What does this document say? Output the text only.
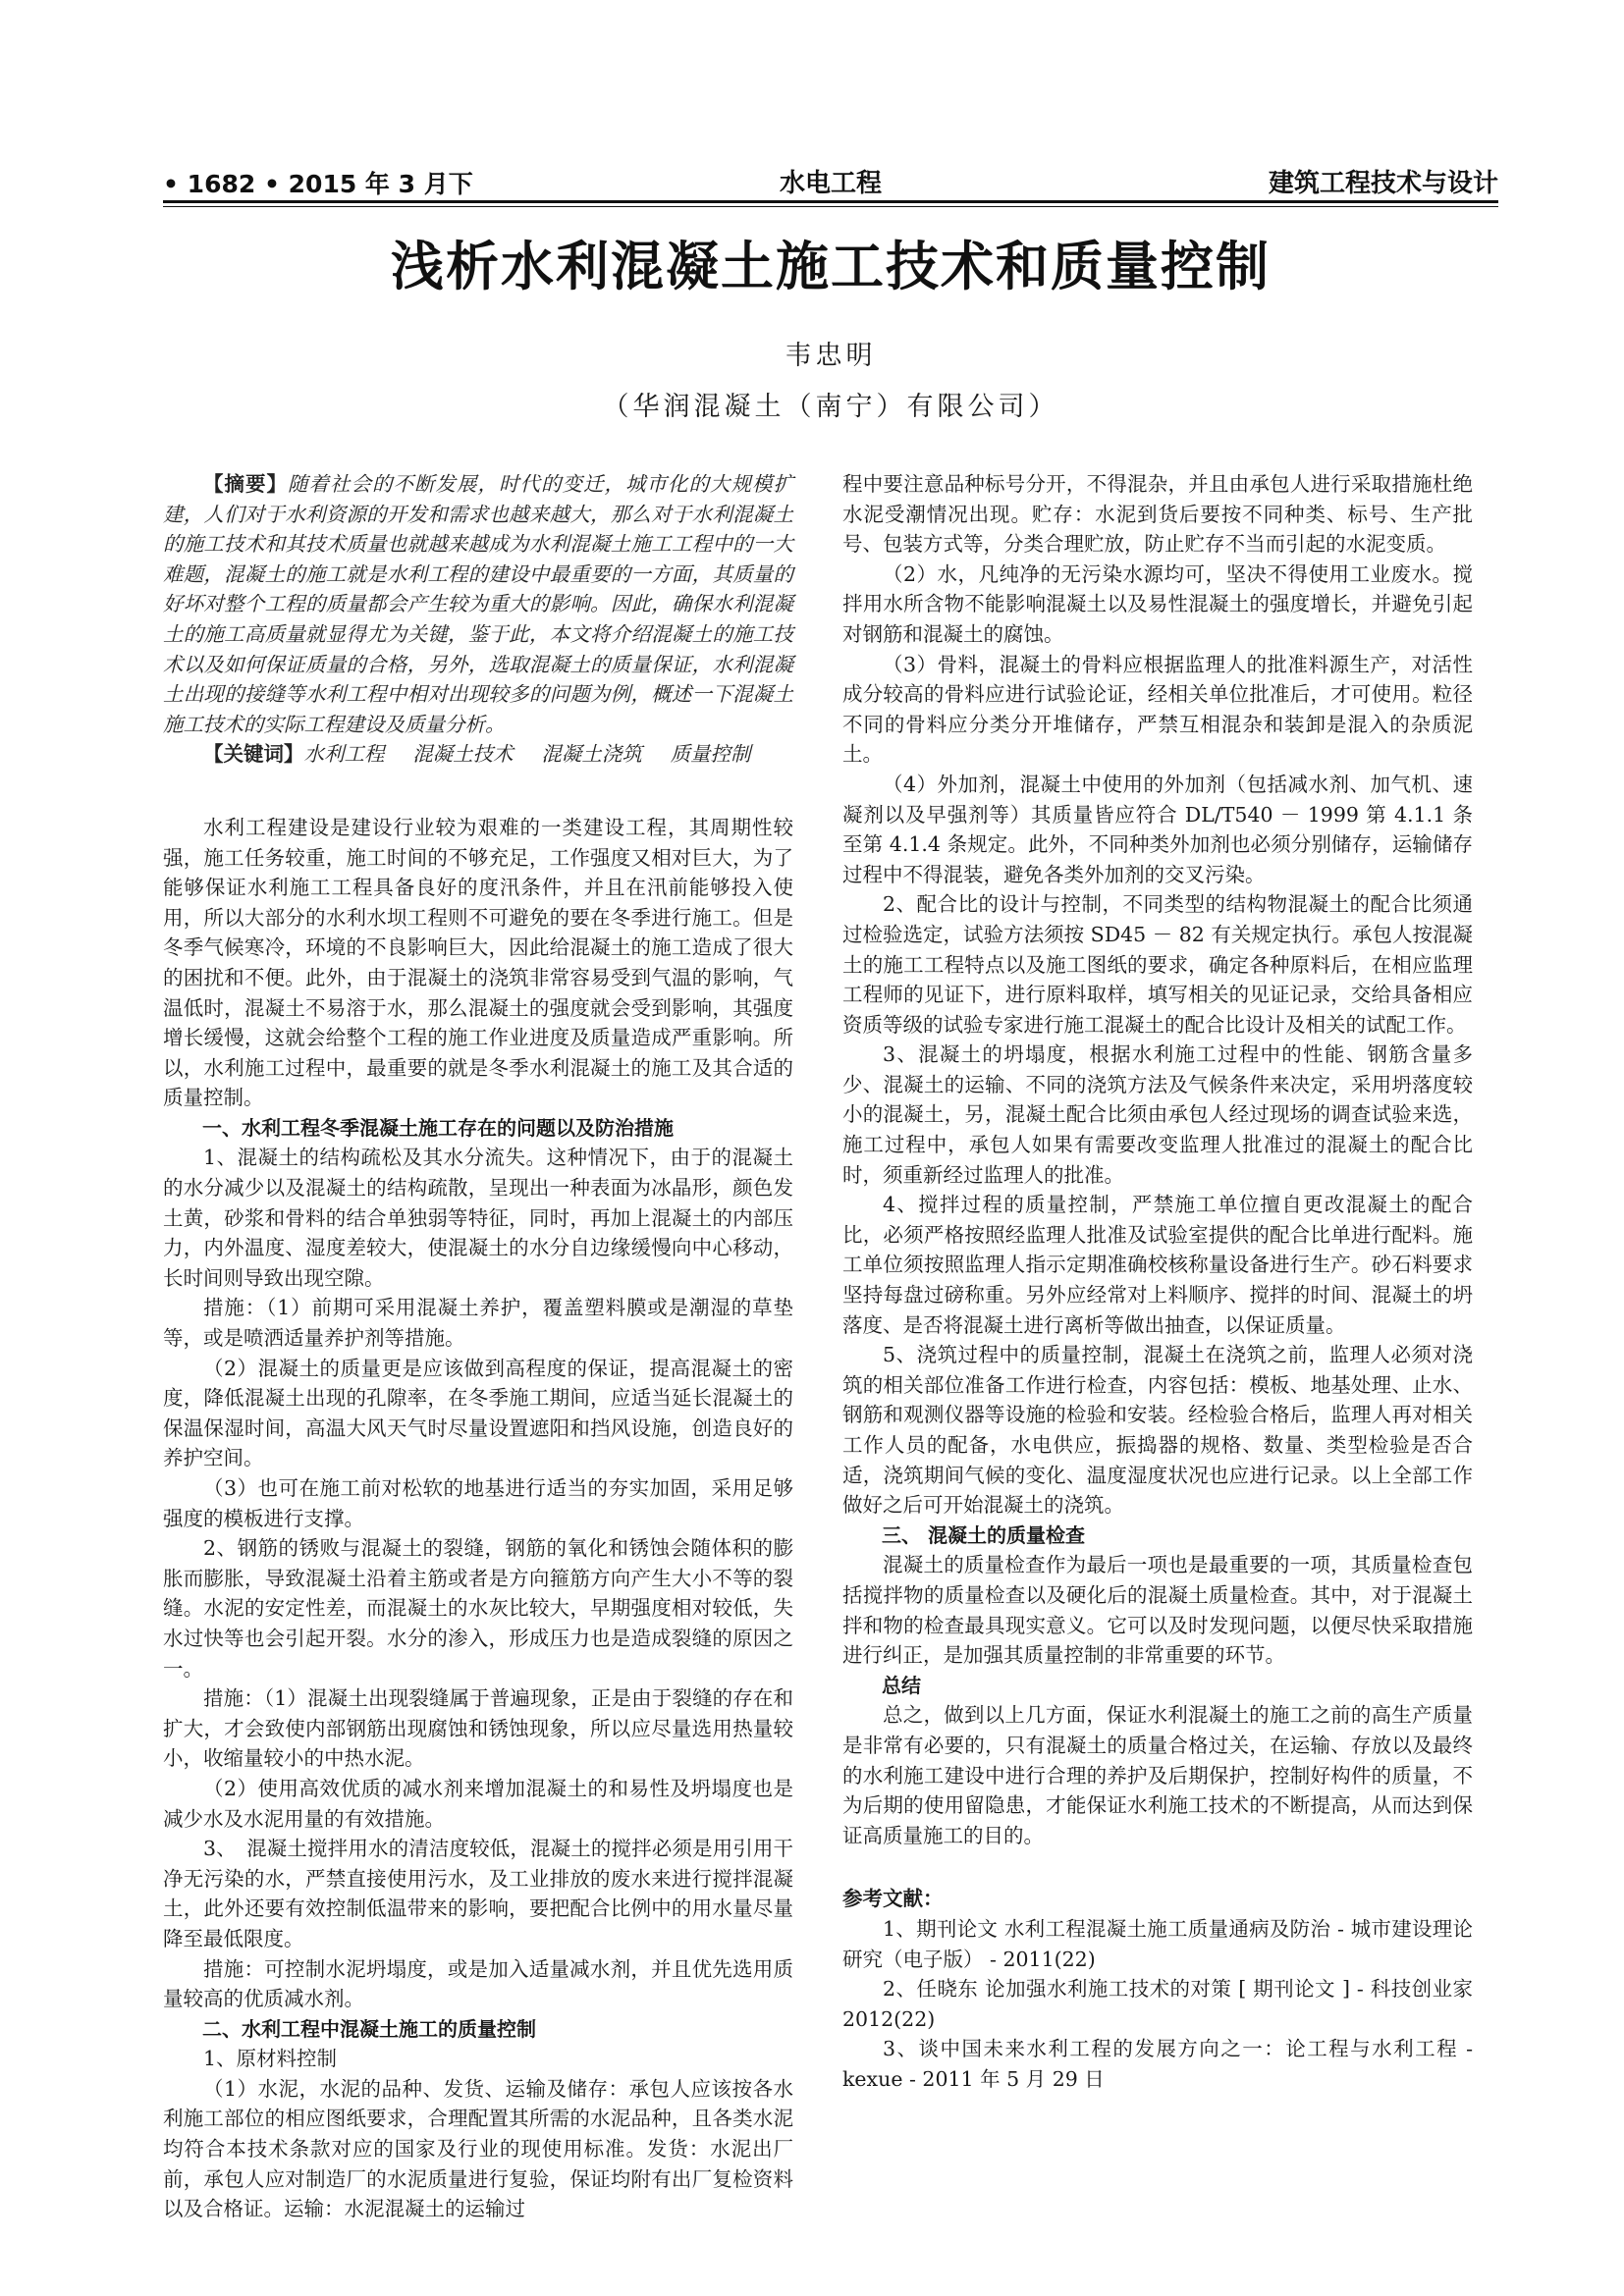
• 1682 • 2015 年 3 月下	水电工程	建筑工程技术与设计
浅析水利混凝土施工技术和质量控制
韦忠明
（华润混凝土（南宁）有限公司）

【摘要】随着社会的不断发展，时代的变迁，城市化的大规模扩建，人们对于水利资源的开发和需求也越来越大，那么对于水利混凝土的施工技术和其技术质量也就越来越成为水利混凝土施工工程中的一大难题，混凝土的施工就是水利工程的建设中最重要的一方面，其质量的好坏对整个工程的质量都会产生较为重大的影响。因此，确保水利混凝土的施工高质量就显得尤为关键，鉴于此，本文将介绍混凝土的施工技术以及如何保证质量的合格，另外，选取混凝土的质量保证，水利混凝土出现的接缝等水利工程中相对出现较多的问题为例，概述一下混凝土施工技术的实际工程建设及质量分析。

【关键词】水利工程 混凝土技术 混凝土浇筑 质量控制

水利工程建设是建设行业较为艰难的一类建设工程，其周期性较强，施工任务较重，施工时间的不够充足，工作强度又相对巨大，为了能够保证水利施工工程具备良好的度汛条件，并且在汛前能够投入使用，所以大部分的水利水坝工程则不可避免的要在冬季进行施工。但是冬季气候寒冷，环境的不良影响巨大，因此给混凝土的施工造成了很大的困扰和不便。此外，由于混凝土的浇筑非常容易受到气温的影响，气温低时，混凝土不易溶于水，那么混凝土的强度就会受到影响，其强度增长缓慢，这就会给整个工程的施工作业进度及质量造成严重影响。所以，水利施工过程中，最重要的就是冬季水利混凝土的施工及其合适的质量控制。

一、水利工程冬季混凝土施工存在的问题以及防治措施

1、混凝土的结构疏松及其水分流失。这种情况下，由于的混凝土的水分减少以及混凝土的结构疏散，呈现出一种表面为冰晶形，颜色发土黄，砂浆和骨料的结合单独弱等特征，同时，再加上混凝土的内部压力，内外温度、湿度差较大，使混凝土的水分自边缘缓慢向中心移动，长时间则导致出现空隙。

措施：（1）前期可采用混凝土养护，覆盖塑料膜或是潮湿的草垫等，或是喷洒适量养护剂等措施。

（2）混凝土的质量更是应该做到高程度的保证，提高混凝土的密度，降低混凝土出现的孔隙率，在冬季施工期间，应适当延长混凝土的保温保湿时间，高温大风天气时尽量设置遮阳和挡风设施，创造良好的养护空间。

（3）也可在施工前对松软的地基进行适当的夯实加固，采用足够强度的模板进行支撑。

2、钢筋的锈败与混凝土的裂缝，钢筋的氧化和锈蚀会随体积的膨胀而膨胀，导致混凝土沿着主筋或者是方向箍筋方向产生大小不等的裂缝。水泥的安定性差，而混凝土的水灰比较大，早期强度相对较低，失水过快等也会引起开裂。水分的渗入，形成压力也是造成裂缝的原因之一。

措施：（1）混凝土出现裂缝属于普遍现象，正是由于裂缝的存在和扩大，才会致使内部钢筋出现腐蚀和锈蚀现象，所以应尽量选用热量较小，收缩量较小的中热水泥。

（2）使用高效优质的减水剂来增加混凝土的和易性及坍塌度也是减少水及水泥用量的有效措施。

3、　混凝土搅拌用水的清洁度较低，混凝土的搅拌必须是用引用干净无污染的水，严禁直接使用污水，及工业排放的废水来进行搅拌混凝土，此外还要有效控制低温带来的影响，要把配合比例中的用水量尽量降至最低限度。

措施：可控制水泥坍塌度，或是加入适量减水剂，并且优先选用质量较高的优质减水剂。

二、水利工程中混凝土施工的质量控制

1、原材料控制

（1）水泥，水泥的品种、发货、运输及储存：承包人应该按各水利施工部位的相应图纸要求，合理配置其所需的水泥品种，且各类水泥均符合本技术条款对应的国家及行业的现使用标准。发货：水泥出厂前，承包人应对制造厂的水泥质量进行复验，保证均附有出厂复检资料以及合格证。运输：水泥混凝土的运输过

程中要注意品种标号分开，不得混杂，并且由承包人进行采取措施杜绝水泥受潮情况出现。贮存：水泥到货后要按不同种类、标号、生产批号、包装方式等，分类合理贮放，防止贮存不当而引起的水泥变质。

（2）水，凡纯净的无污染水源均可，坚决不得使用工业废水。搅拌用水所含物不能影响混凝土以及易性混凝土的强度增长，并避免引起对钢筋和混凝土的腐蚀。

（3）骨料，混凝土的骨料应根据监理人的批准料源生产，对活性成分较高的骨料应进行试验论证，经相关单位批准后，才可使用。粒径不同的骨料应分类分开堆储存，严禁互相混杂和装卸是混入的杂质泥土。

（4）外加剂，混凝土中使用的外加剂（包括减水剂、加气机、速凝剂以及早强剂等）其质量皆应符合 DL/T540 － 1999 第 4.1.1 条至第 4.1.4 条规定。此外，不同种类外加剂也必须分别储存，运输储存过程中不得混装，避免各类外加剂的交叉污染。

2、配合比的设计与控制，不同类型的结构物混凝土的配合比须通过检验选定，试验方法须按 SD45 － 82 有关规定执行。承包人按混凝土的施工工程特点以及施工图纸的要求，确定各种原料后，在相应监理工程师的见证下，进行原料取样，填写相关的见证记录，交给具备相应资质等级的试验专家进行施工混凝土的配合比设计及相关的试配工作。

3、混凝土的坍塌度，根据水利施工过程中的性能、钢筋含量多少、混凝土的运输、不同的浇筑方法及气候条件来决定，采用坍落度较小的混凝土，另，混凝土配合比须由承包人经过现场的调查试验来选，施工过程中，承包人如果有需要改变监理人批准过的混凝土的配合比时，须重新经过监理人的批准。

4、搅拌过程的质量控制，严禁施工单位擅自更改混凝土的配合比，必须严格按照经监理人批准及试验室提供的配合比单进行配料。施工单位须按照监理人指示定期准确校核称量设备进行生产。砂石料要求坚持每盘过磅称重。另外应经常对上料顺序、搅拌的时间、混凝土的坍落度、是否将混凝土进行离析等做出抽查，以保证质量。

5、浇筑过程中的质量控制，混凝土在浇筑之前，监理人必须对浇筑的相关部位准备工作进行检查，内容包括：模板、地基处理、止水、钢筋和观测仪器等设施的检验和安装。经检验合格后，监理人再对相关工作人员的配备，水电供应，振捣器的规格、数量、类型检验是否合适，浇筑期间气候的变化、温度湿度状况也应进行记录。以上全部工作做好之后可开始混凝土的浇筑。

三、 混凝土的质量检查

混凝土的质量检查作为最后一项也是最重要的一项，其质量检查包括搅拌物的质量检查以及硬化后的混凝土质量检查。其中，对于混凝土拌和物的检查最具现实意义。它可以及时发现问题，以便尽快采取措施进行纠正，是加强其质量控制的非常重要的环节。

总结

总之，做到以上几方面，保证水利混凝土的施工之前的高生产质量是非常有必要的，只有混凝土的质量合格过关，在运输、存放以及最终的水利施工建设中进行合理的养护及后期保护，控制好构件的质量，不为后期的使用留隐患，才能保证水利施工技术的不断提高，从而达到保证高质量施工的目的。

参考文献：

1、期刊论文 水利工程混凝土施工质量通病及防治 - 城市建设理论研究（电子版） - 2011(22)

2、任晓东 论加强水利施工技术的对策 [ 期刊论文 ] - 科技创业家 2012(22)

3、谈中国未来水利工程的发展方向之一：论工程与水利工程 - kexue - 2011 年 5 月 29 日
